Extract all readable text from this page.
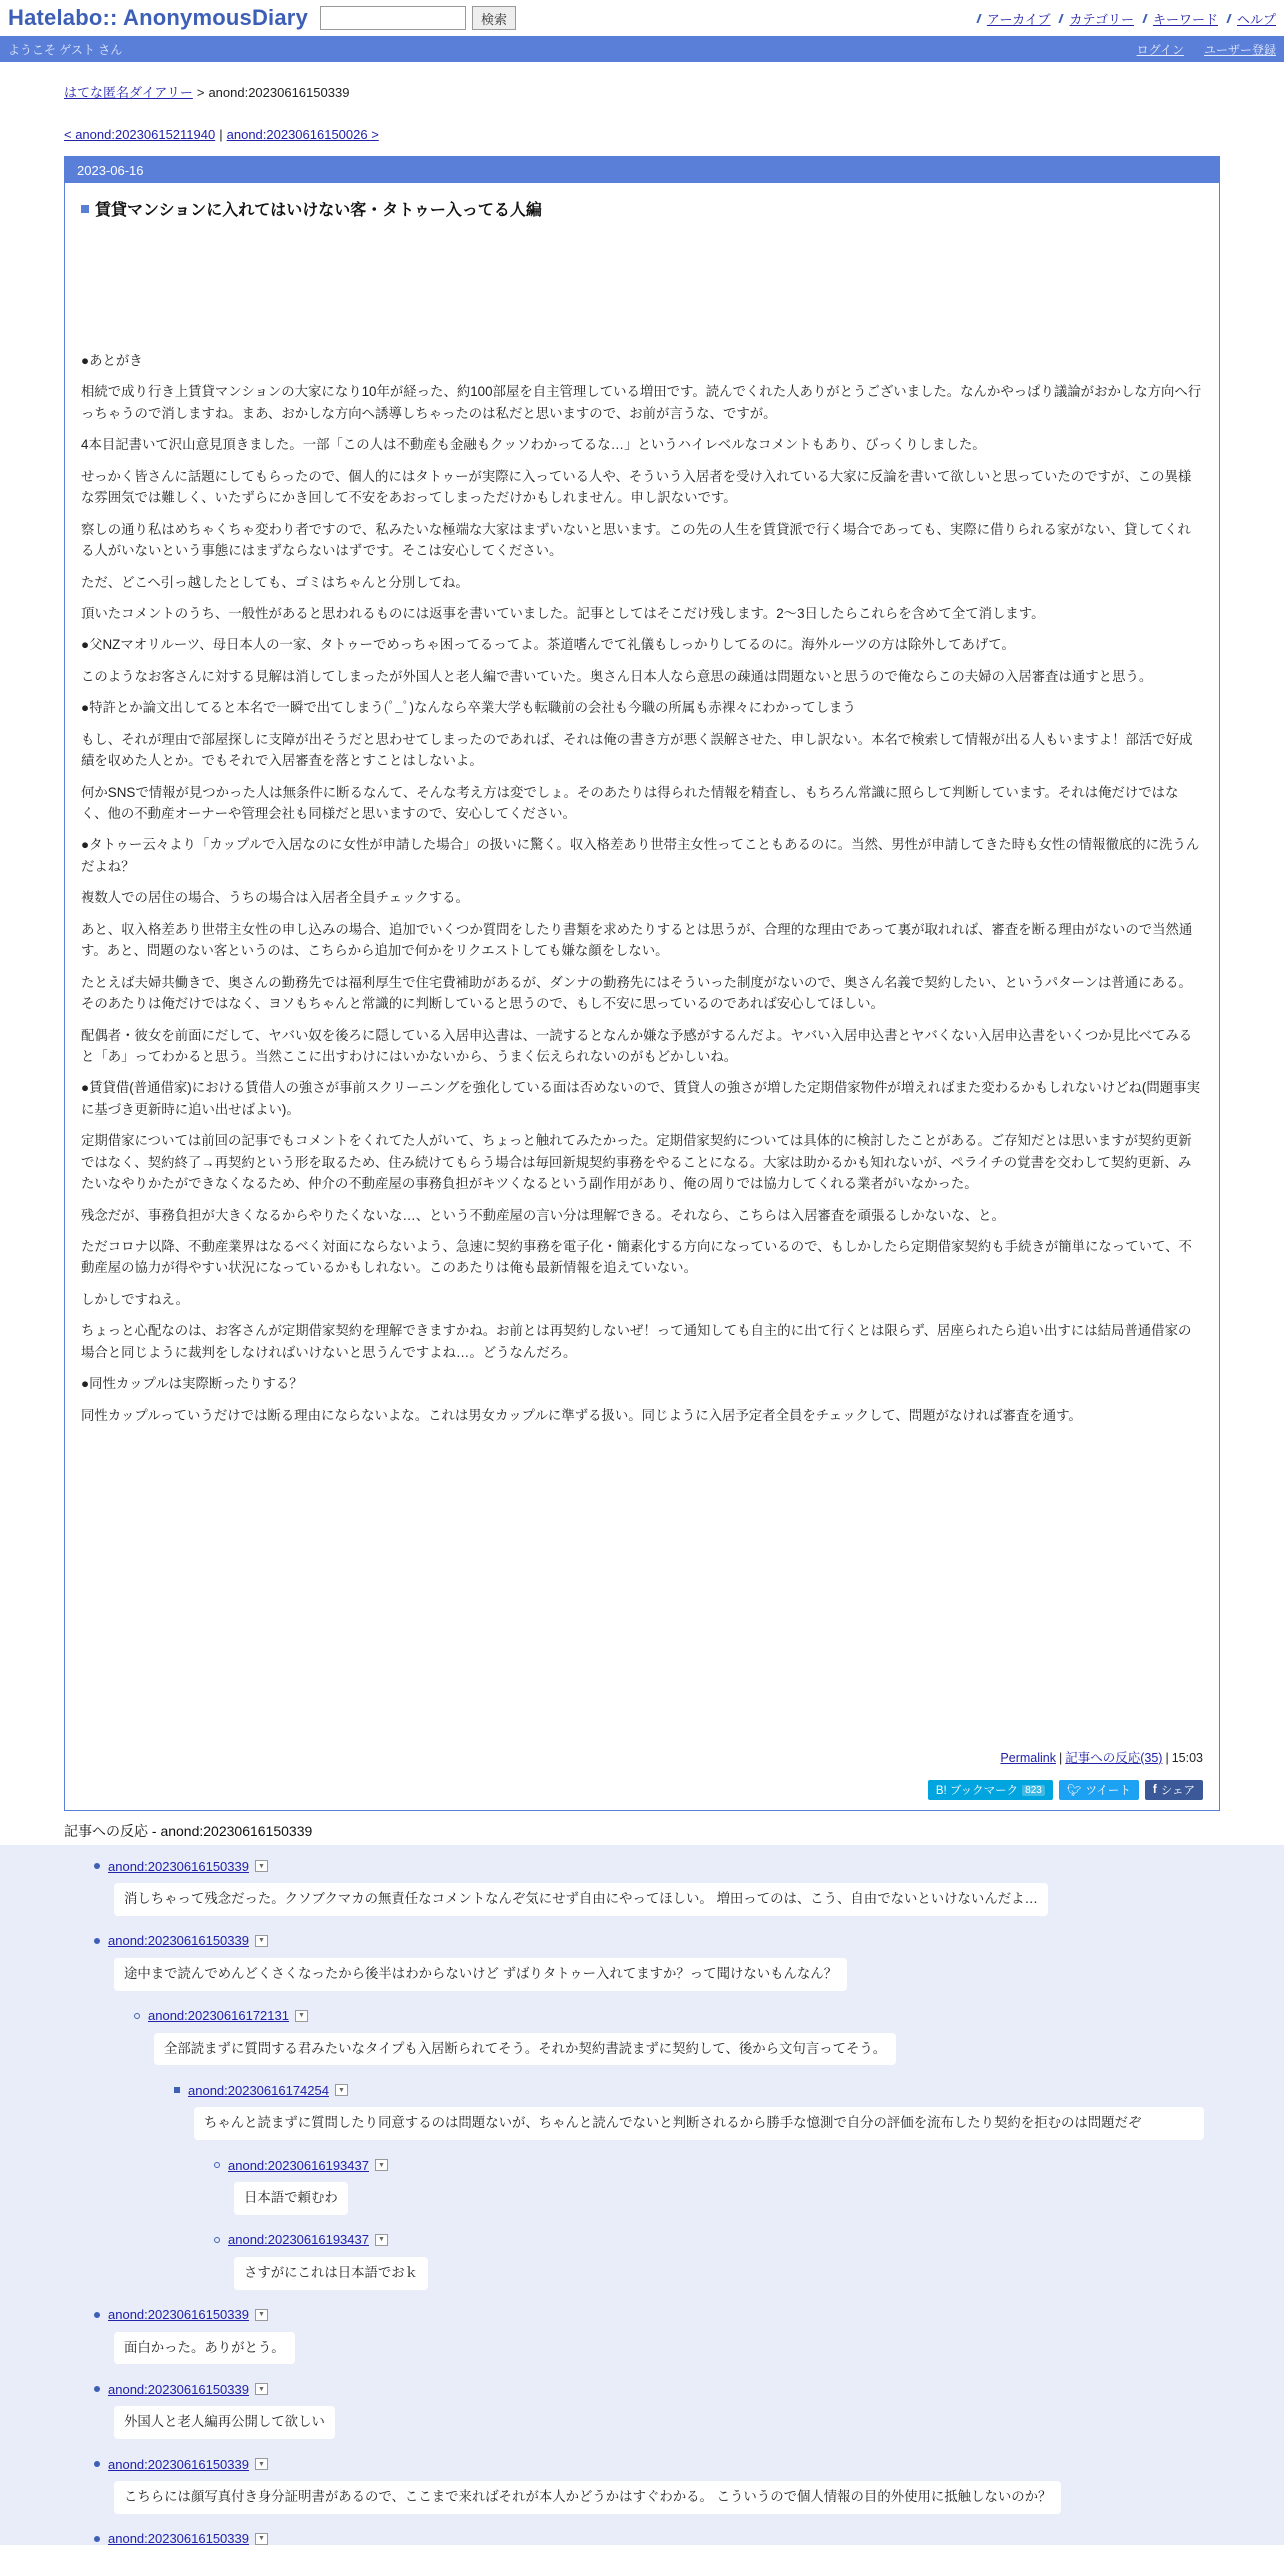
Hatelabo:: AnonymousDiary	検索	アーカイブ カテゴリー キーワード ヘルプ
ようこそ ゲスト さん	ログイン ユーザー登録
はてな匿名ダイアリー > anond:20230616150339
< anond:20230615211940 | anond:20230616150026 >
2023-06-16
賃貸マンションに入れてはいけない客・タトゥー入ってる人編

●あとがき

相続で成り行き上賃貸マンションの大家になり10年が経った、約100部屋を自主管理している増田です。読んでくれた人ありがとうございました。なんかやっぱり議論がおかしな方向へ行っちゃうので消しますね。まあ、おかしな方向へ誘導しちゃったのは私だと思いますので、お前が言うな、ですが。

4本目記書いて沢山意見頂きました。一部「この人は不動産も金融もクッソわかってるな…」というハイレベルなコメントもあり、びっくりしました。

せっかく皆さんに話題にしてもらったので、個人的にはタトゥーが実際に入っている人や、そういう入居者を受け入れている大家に反論を書いて欲しいと思っていたのですが、この異様な雰囲気では難しく、いたずらにかき回して不安をあおってしまっただけかもしれません。申し訳ないです。

察しの通り私はめちゃくちゃ変わり者ですので、私みたいな極端な大家はまずいないと思います。この先の人生を賃貸派で行く場合であっても、実際に借りられる家がない、貸してくれる人がいないという事態にはまずならないはずです。そこは安心してください。

ただ、どこへ引っ越したとしても、ゴミはちゃんと分別してね。

頂いたコメントのうち、一般性があると思われるものには返事を書いていました。記事としてはそこだけ残します。2～3日したらこれらを含めて全て消します。

●父NZマオリルーツ、母日本人の一家、タトゥーでめっちゃ困ってるってよ。茶道嗜んでて礼儀もしっかりしてるのに。海外ルーツの方は除外してあげて。

このようなお客さんに対する見解は消してしまったが外国人と老人編で書いていた。奥さん日本人なら意思の疎通は問題ないと思うので俺ならこの夫婦の入居審査は通すと思う。

●特許とか論文出してると本名で一瞬で出てしまう(ﾟ_ﾟ)なんなら卒業大学も転職前の会社も今職の所属も赤裸々にわかってしまう

もし、それが理由で部屋探しに支障が出そうだと思わせてしまったのであれば、それは俺の書き方が悪く誤解させた、申し訳ない。本名で検索して情報が出る人もいますよ！部活で好成績を収めた人とか。でもそれで入居審査を落とすことはしないよ。

何かSNSで情報が見つかった人は無条件に断るなんて、そんな考え方は変でしょ。そのあたりは得られた情報を精査し、もちろん常識に照らして判断しています。それは俺だけではなく、他の不動産オーナーや管理会社も同様だと思いますので、安心してください。

●タトゥー云々より「カップルで入居なのに女性が申請した場合」の扱いに驚く。収入格差あり世帯主女性ってこともあるのに。当然、男性が申請してきた時も女性の情報徹底的に洗うんだよね？

複数人での居住の場合、うちの場合は入居者全員チェックする。

あと、収入格差あり世帯主女性の申し込みの場合、追加でいくつか質問をしたり書類を求めたりするとは思うが、合理的な理由であって裏が取れれば、審査を断る理由がないので当然通す。あと、問題のない客というのは、こちらから追加で何かをリクエストしても嫌な顔をしない。

たとえば夫婦共働きで、奥さんの勤務先では福利厚生で住宅費補助があるが、ダンナの勤務先にはそういった制度がないので、奥さん名義で契約したい、というパターンは普通にある。そのあたりは俺だけではなく、ヨソもちゃんと常識的に判断していると思うので、もし不安に思っているのであれば安心してほしい。

配偶者・彼女を前面にだして、ヤバい奴を後ろに隠している入居申込書は、一読するとなんか嫌な予感がするんだよ。ヤバい入居申込書とヤバくない入居申込書をいくつか見比べてみると「あ」ってわかると思う。当然ここに出すわけにはいかないから、うまく伝えられないのがもどかしいね。

●賃貸借(普通借家)における賃借人の強さが事前スクリーニングを強化している面は否めないので、賃貸人の強さが増した定期借家物件が増えればまた変わるかもしれないけどね(問題事実に基づき更新時に追い出せばよい)。

定期借家については前回の記事でもコメントをくれてた人がいて、ちょっと触れてみたかった。定期借家契約については具体的に検討したことがある。ご存知だとは思いますが契約更新ではなく、契約終了→再契約という形を取るため、住み続けてもらう場合は毎回新規契約事務をやることになる。大家は助かるかも知れないが、ペライチの覚書を交わして契約更新、みたいなやりかたができなくなるため、仲介の不動産屋の事務負担がキツくなるという副作用があり、俺の周りでは協力してくれる業者がいなかった。

残念だが、事務負担が大きくなるからやりたくないな…、という不動産屋の言い分は理解できる。それなら、こちらは入居審査を頑張るしかないな、と。

ただコロナ以降、不動産業界はなるべく対面にならないよう、急速に契約事務を電子化・簡素化する方向になっているので、もしかしたら定期借家契約も手続きが簡単になっていて、不動産屋の協力が得やすい状況になっているかもしれない。このあたりは俺も最新情報を追えていない。

しかしですねえ。

ちょっと心配なのは、お客さんが定期借家契約を理解できますかね。お前とは再契約しないぜ！って通知しても自主的に出て行くとは限らず、居座られたら追い出すには結局普通借家の場合と同じように裁判をしなければいけないと思うんですよね…。どうなんだろ。

●同性カップルは実際断ったりする？

同性カップルっていうだけでは断る理由にならないよな。これは男女カップルに準ずる扱い。同じように入居予定者全員をチェックして、問題がなければ審査を通す。

Permalink | 記事への反応(35) | 15:03
B! ブックマーク 823 🐦︎ ツイート f シェア
記事への反応 - anond:20230616150339
anond:20230616150339	▼
消しちゃって残念だった。クソブクマカの無責任なコメントなんぞ気にせず自由にやってほしい。 増田ってのは、こう、自由でないといけないんだよ…
anond:20230616150339	▼
途中まで読んでめんどくさくなったから後半はわからないけど ずばりタトゥー入れてますか？って聞けないもんなん？
anond:20230616172131	▼
全部読まずに質問する君みたいなタイプも入居断られてそう。それか契約書読まずに契約して、後から文句言ってそう。
anond:20230616174254	▼
ちゃんと読まずに質問したり同意するのは問題ないが、ちゃんと読んでないと判断されるから勝手な憶測で自分の評価を流布したり契約を拒むのは問題だぞ
anond:20230616193437	▼
日本語で頼むわ
anond:20230616193437	▼
さすがにこれは日本語でおｋ
anond:20230616150339	▼
面白かった。ありがとう。
anond:20230616150339	▼
外国人と老人編再公開して欲しい
anond:20230616150339	▼
こちらには顔写真付き身分証明書があるので、ここまで来ればそれが本人かどうかはすぐわかる。 こういうので個人情報の目的外使用に抵触しないのか？
anond:20230616150339	▼
